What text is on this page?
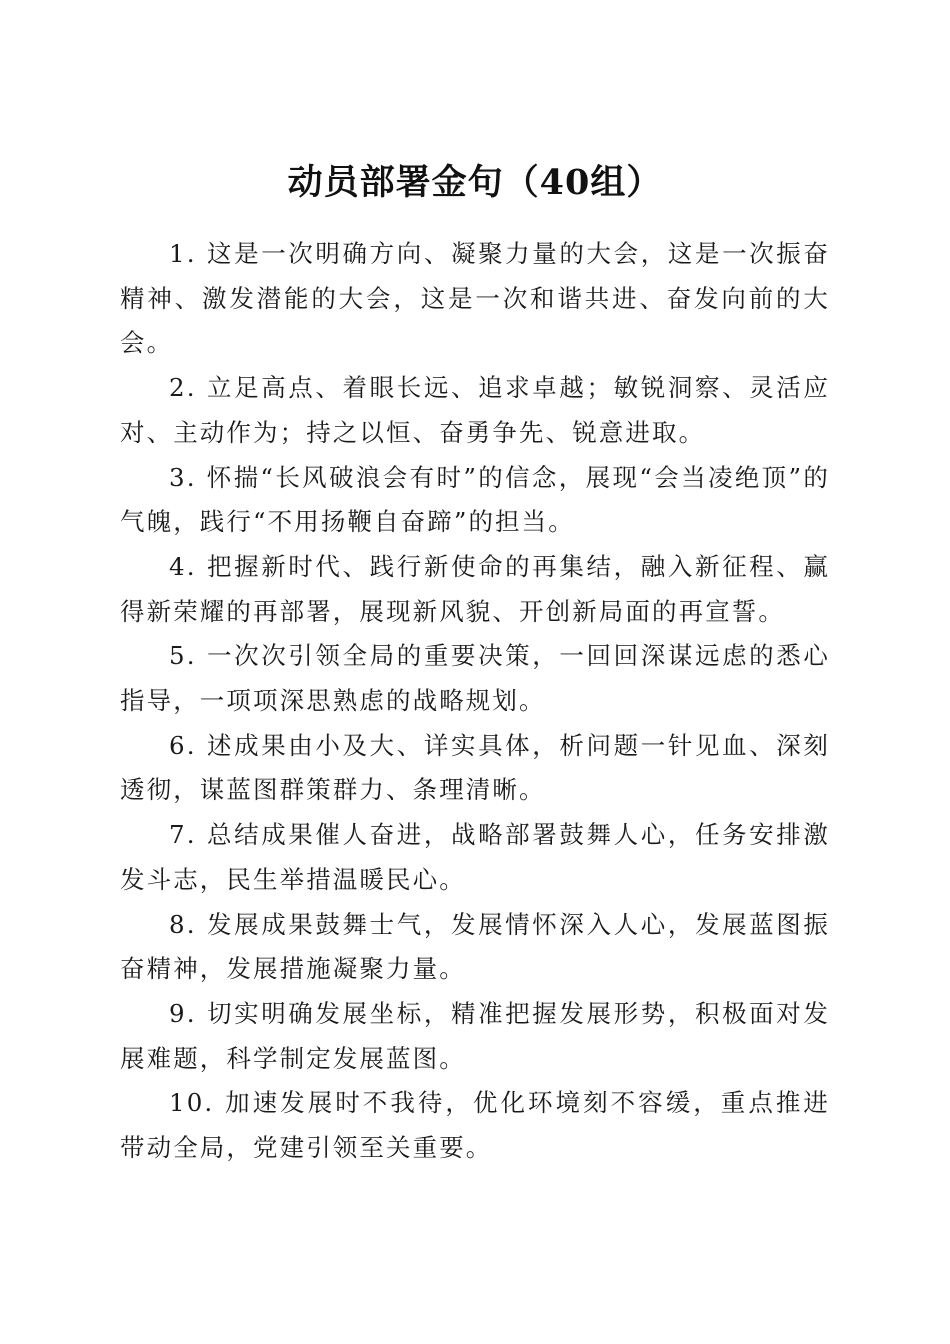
动员部署金句（40组）

1. 这是一次明确方向、凝聚力量的大会，这是一次振奋精神、激发潜能的大会，这是一次和谐共进、奋发向前的大会。

2. 立足高点、着眼长远、追求卓越；敏锐洞察、灵活应对、主动作为；持之以恒、奋勇争先、锐意进取。

3. 怀揣“长风破浪会有时”的信念，展现“会当凌绝顶”的气魄，践行“不用扬鞭自奋蹄”的担当。

4. 把握新时代、践行新使命的再集结，融入新征程、赢得新荣耀的再部署，展现新风貌、开创新局面的再宣誓。

5. 一次次引领全局的重要决策，一回回深谋远虑的悉心指导，一项项深思熟虑的战略规划。

6. 述成果由小及大、详实具体，析问题一针见血、深刻透彻，谋蓝图群策群力、条理清晰。

7. 总结成果催人奋进，战略部署鼓舞人心，任务安排激发斗志，民生举措温暖民心。

8. 发展成果鼓舞士气，发展情怀深入人心，发展蓝图振奋精神，发展措施凝聚力量。

9. 切实明确发展坐标，精准把握发展形势，积极面对发展难题，科学制定发展蓝图。

10. 加速发展时不我待，优化环境刻不容缓，重点推进带动全局，党建引领至关重要。
